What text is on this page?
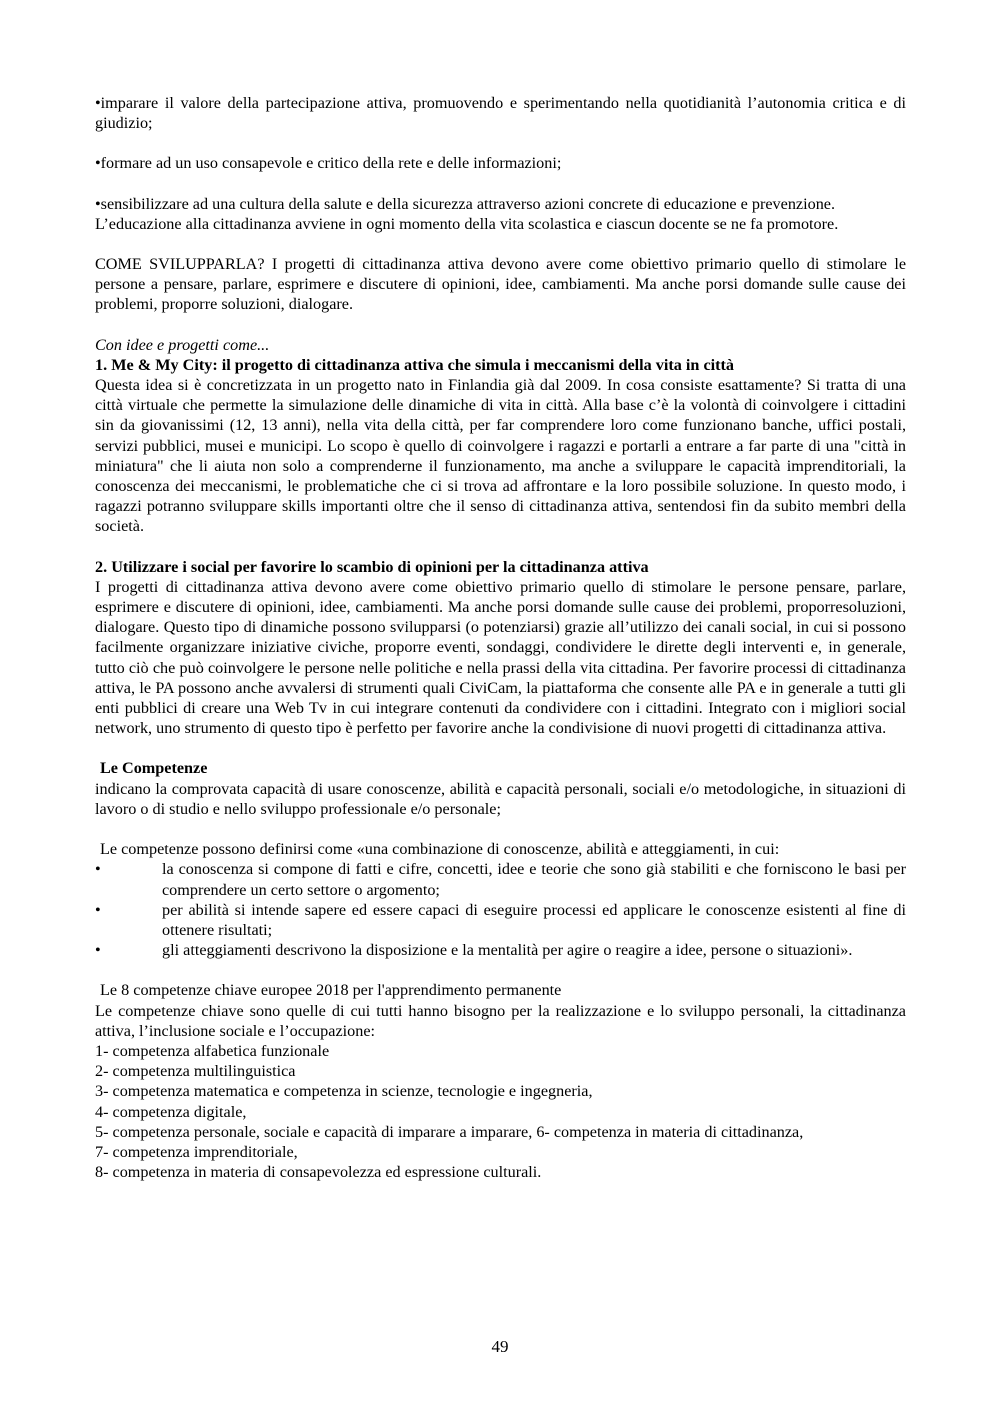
•imparare il valore della partecipazione attiva, promuovendo e sperimentando nella quotidianità l’autonomia critica e di giudizio;

•formare ad un uso consapevole e critico della rete e delle informazioni;

•sensibilizzare ad una cultura della salute e della sicurezza attraverso azioni concrete di educazione e prevenzione.

L’educazione alla cittadinanza avviene in ogni momento della vita scolastica e ciascun docente se ne fa promotore.

COME SVILUPPARLA? I progetti di cittadinanza attiva devono avere come obiettivo primario quello di stimolare le persone a pensare, parlare, esprimere e discutere di opinioni, idee, cambiamenti. Ma anche porsi domande sulle cause dei problemi, proporre soluzioni, dialogare.

Con idee e progetti come...

1. Me & My City: il progetto di cittadinanza attiva che simula i meccanismi della vita in città

Questa idea si è concretizzata in un progetto nato in Finlandia già dal 2009. In cosa consiste esattamente? Si tratta di una città virtuale che permette la simulazione delle dinamiche di vita in città. Alla base c’è la volontà di coinvolgere i cittadini sin da giovanissimi (12, 13 anni), nella vita della città, per far comprendere loro come funzionano banche, uffici postali, servizi pubblici, musei e municipi. Lo scopo è quello di coinvolgere i ragazzi e portarli a entrare a far parte di una "città in miniatura" che li aiuta non solo a comprenderne il funzionamento, ma anche a sviluppare le capacità imprenditoriali, la conoscenza dei meccanismi, le problematiche che ci si trova ad affrontare e la loro possibile soluzione. In questo modo, i ragazzi potranno sviluppare skills importanti oltre che il senso di cittadinanza attiva, sentendosi fin da subito membri della società.

2. Utilizzare i social per favorire lo scambio di opinioni per la cittadinanza attiva

I progetti di cittadinanza attiva devono avere come obiettivo primario quello di stimolare le persone pensare, parlare, esprimere e discutere di opinioni, idee, cambiamenti. Ma anche porsi domande sulle cause dei problemi, proporresoluzioni, dialogare. Questo tipo di dinamiche possono svilupparsi (o potenziarsi) grazie all’utilizzo dei canali social, in cui si possono facilmente organizzare iniziative civiche, proporre eventi, sondaggi, condividere le dirette degli interventi e, in generale, tutto ciò che può coinvolgere le persone nelle politiche e nella prassi della vita cittadina. Per favorire processi di cittadinanza attiva, le PA possono anche avvalersi di strumenti quali CiviCam, la piattaforma che consente alle PA e in generale a tutti gli enti pubblici di creare una Web Tv in cui integrare contenuti da condividere con i cittadini. Integrato con i migliori social network, uno strumento di questo tipo è perfetto per favorire anche la condivisione di nuovi progetti di cittadinanza attiva.

Le Competenze

indicano la comprovata capacità di usare conoscenze, abilità e capacità personali, sociali e/o metodologiche, in situazioni di lavoro o di studio e nello sviluppo professionale e/o personale;

Le competenze possono definirsi come «una combinazione di conoscenze, abilità e atteggiamenti, in cui:

•	la conoscenza si compone di fatti e cifre, concetti, idee e teorie che sono già stabiliti e che forniscono le basi per comprendere un certo settore o argomento;
•	per abilità si intende sapere ed essere capaci di eseguire processi ed applicare le conoscenze esistenti al fine di ottenere risultati;
•	gli atteggiamenti descrivono la disposizione e la mentalità per agire o reagire a idee, persone o situazioni».

Le 8 competenze chiave europee 2018 per l'apprendimento permanente

Le competenze chiave sono quelle di cui tutti hanno bisogno per la realizzazione e lo sviluppo personali, la cittadinanza attiva, l’inclusione sociale e l’occupazione:

1- competenza alfabetica funzionale
2- competenza multilinguistica
3- competenza matematica e competenza in scienze, tecnologie e ingegneria,
4- competenza digitale,
5- competenza personale, sociale e capacità di imparare a imparare, 6- competenza in materia di cittadinanza,
7- competenza imprenditoriale,
8- competenza in materia di consapevolezza ed espressione culturali.
49
